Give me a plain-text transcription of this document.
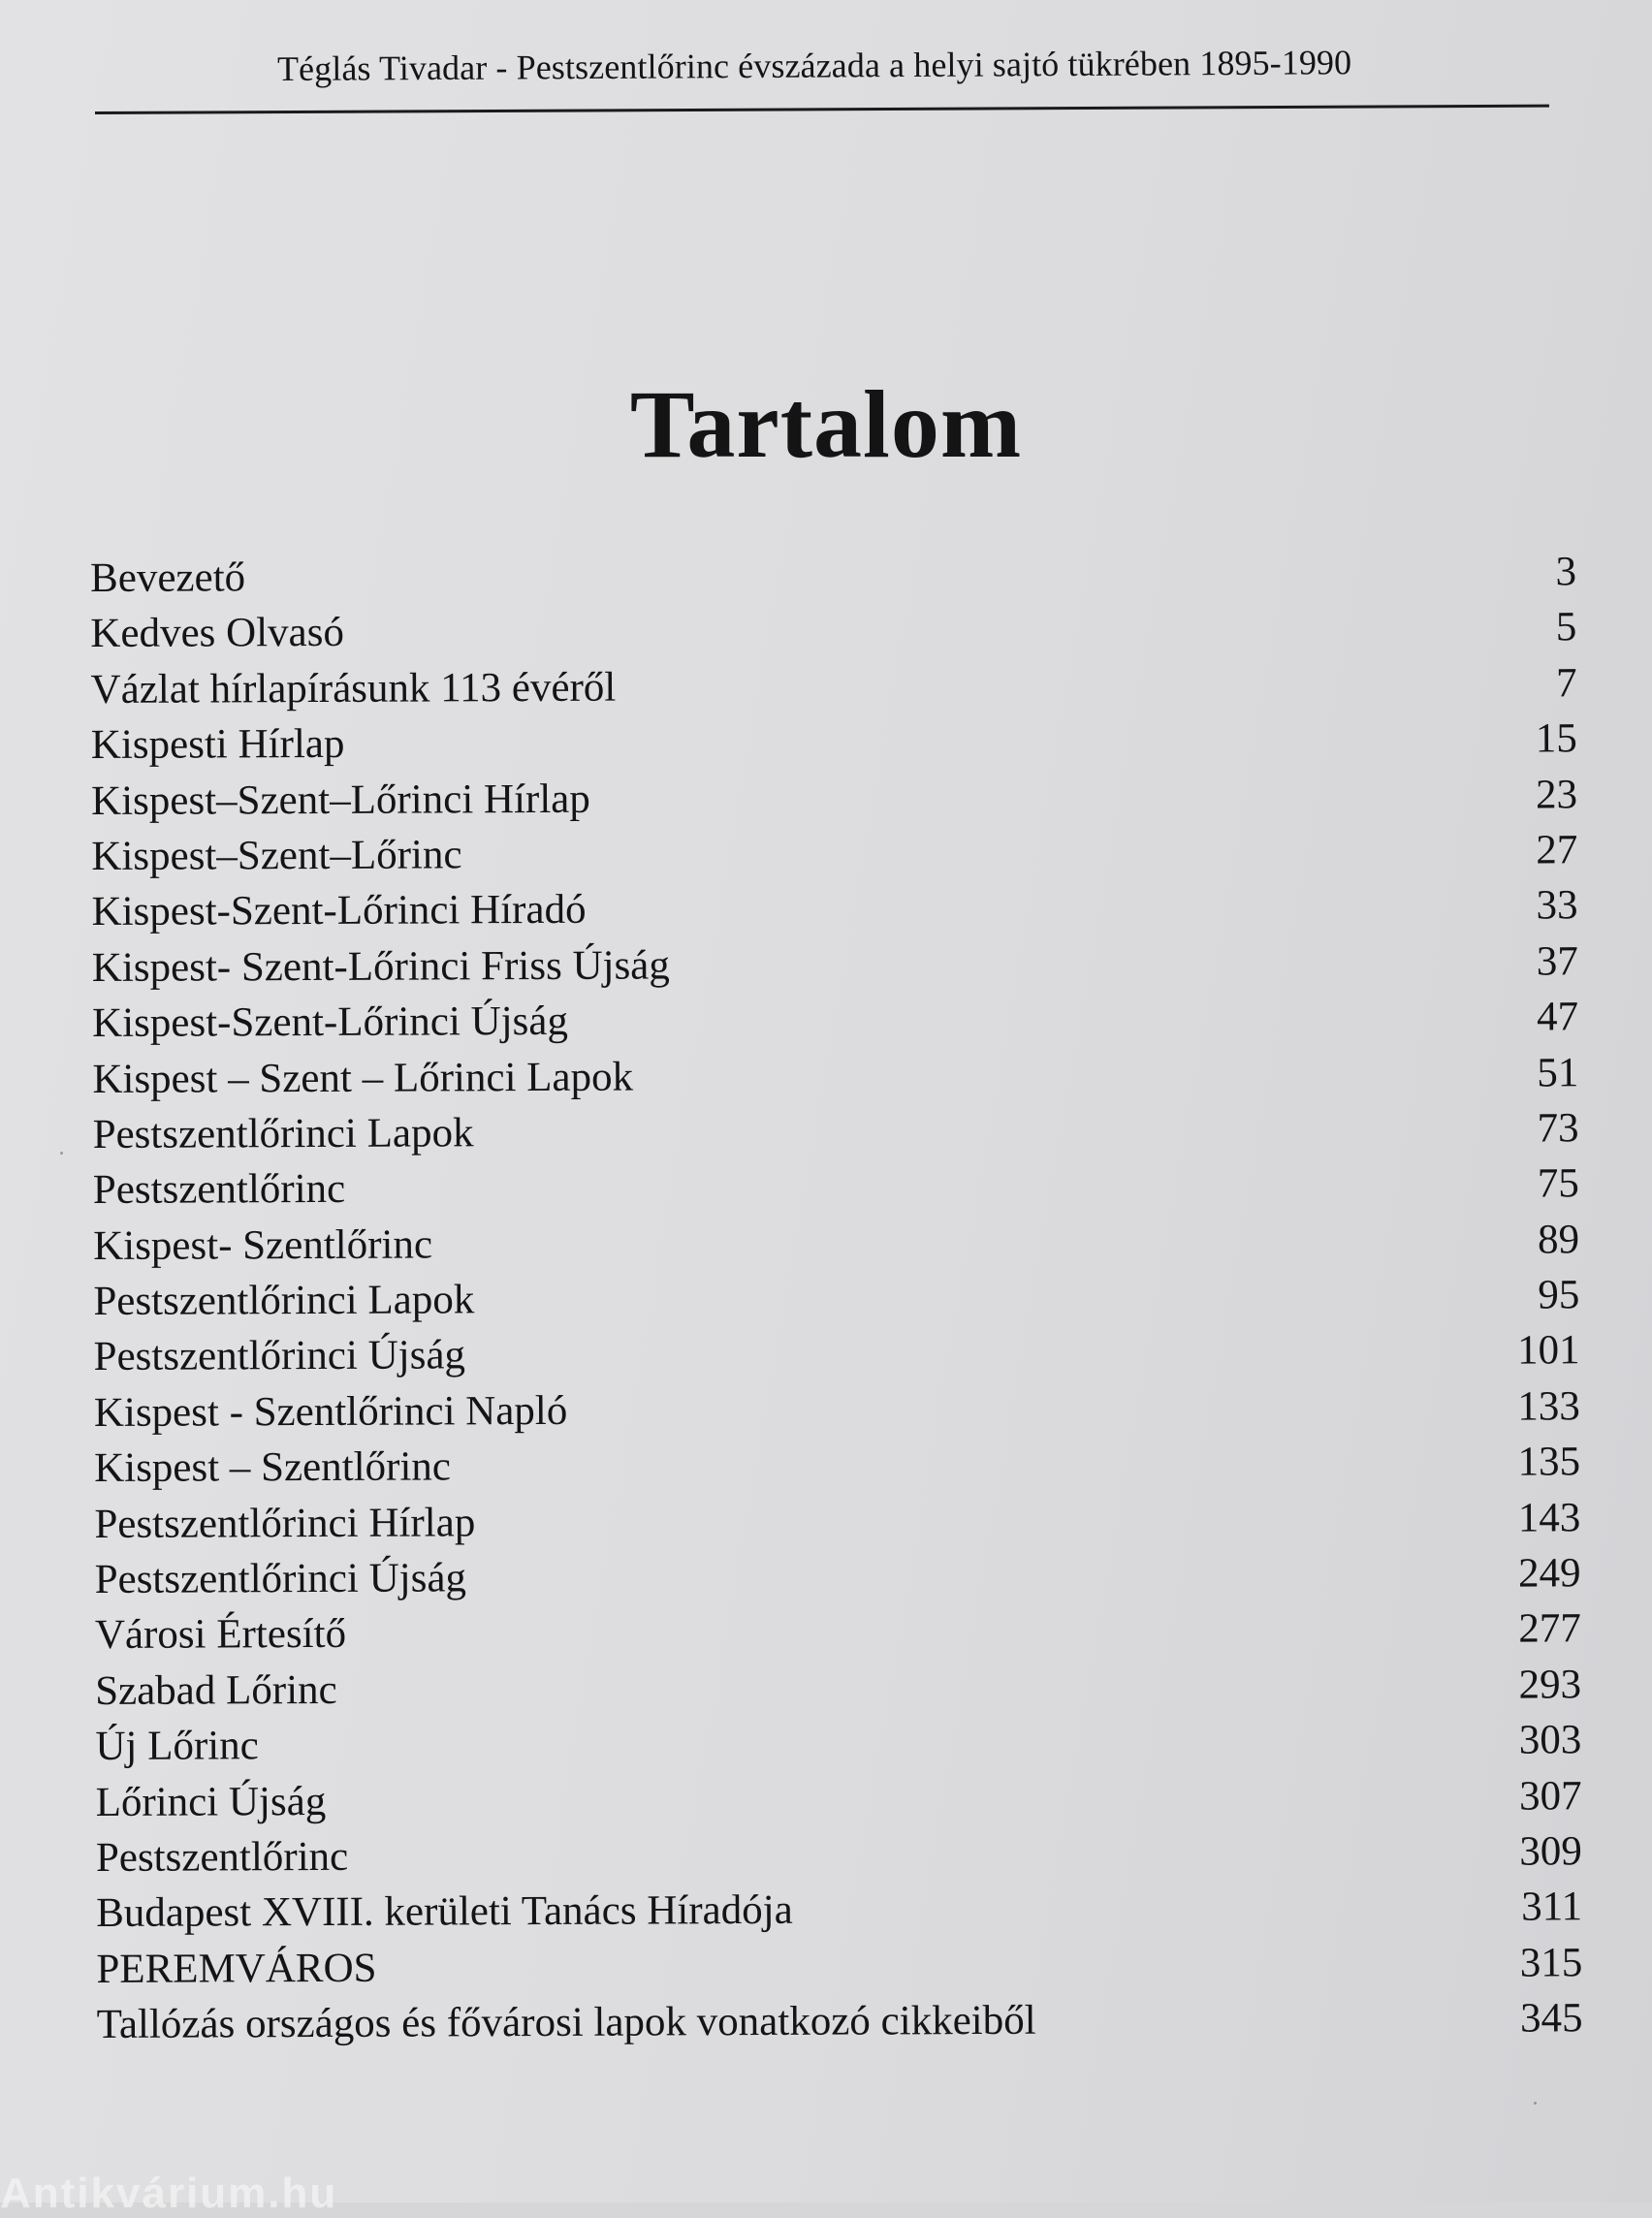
Téglás Tivadar - Pestszentlőrinc évszázada a helyi sajtó tükrében 1895-1990
Tartalom
Bevezető	3
Kedves Olvasó	5
Vázlat hírlapírásunk 113 évéről	7
Kispesti Hírlap	15
Kispest–Szent–Lőrinci Hírlap	23
Kispest–Szent–Lőrinc	27
Kispest-Szent-Lőrinci Híradó	33
Kispest- Szent-Lőrinci Friss Újság	37
Kispest-Szent-Lőrinci Újság	47
Kispest – Szent – Lőrinci Lapok	51
Pestszentlőrinci Lapok	73
Pestszentlőrinc	75
Kispest- Szentlőrinc	89
Pestszentlőrinci Lapok	95
Pestszentlőrinci Újság	101
Kispest - Szentlőrinci Napló	133
Kispest – Szentlőrinc	135
Pestszentlőrinci Hírlap	143
Pestszentlőrinci Újság	249
Városi Értesítő	277
Szabad Lőrinc	293
Új Lőrinc	303
Lőrinci Újság	307
Pestszentlőrinc	309
Budapest XVIII. kerületi Tanács Híradója	311
PEREMVÁROS	315
Tallózás országos és fővárosi lapok vonatkozó cikkeiből	345
Antikvárium.hu
